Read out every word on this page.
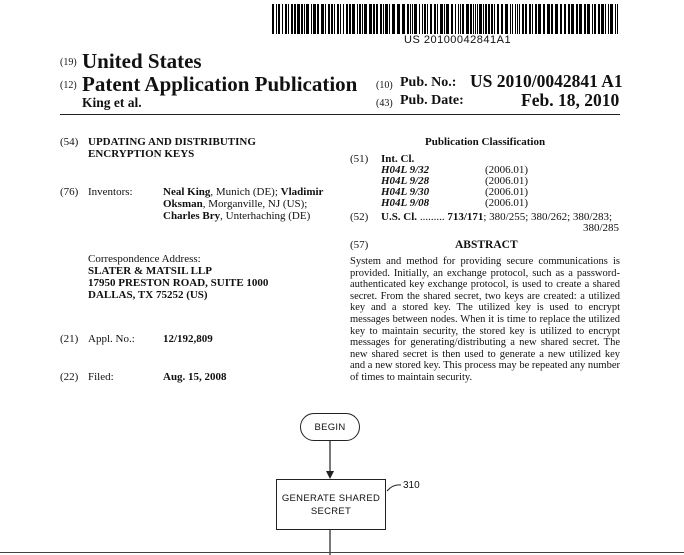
US 20100042841A1
(19) United States
(12) Patent Application Publication
King et al.
(10) Pub. No.: US 2010/0042841 A1
(43) Pub. Date:	Feb. 18, 2010
(54) UPDATING AND DISTRIBUTING
ENCRYPTION KEYS
(76) Inventors:	Neal King, Munich (DE); Vladimir
Oksman, Morganville, NJ (US);
Charles Bry, Unterhaching (DE)
Correspondence Address:
SLATER & MATSIL LLP
17950 PRESTON ROAD, SUITE 1000
DALLAS, TX 75252 (US)
(21) Appl. No.:	12/192,809
(22) Filed:	Aug. 15, 2008
Publication Classification
(51) Int. Cl.
H04L 9/32	(2006.01)
H04L 9/28	(2006.01)
H04L 9/30	(2006.01)
H04L 9/08	(2006.01)
(52) U.S. Cl. ......... 713/171; 380/255; 380/262; 380/283;
380/285
(57)	ABSTRACT
System and method for providing secure communications is provided. Initially, an exchange protocol, such as a password-authenticated key exchange protocol, is used to create a shared secret. From the shared secret, two keys are created: a utilized key and a stored key. The utilized key is used to encrypt messages between nodes. When it is time to replace the utilized key to maintain security, the stored key is utilized to encrypt messages for generating/distributing a new shared secret. The new shared secret is then used to generate a new utilized key and a new stored key. This process may be repeated any number of times to maintain security.
BEGIN
GENERATE SHARED
SECRET
310
